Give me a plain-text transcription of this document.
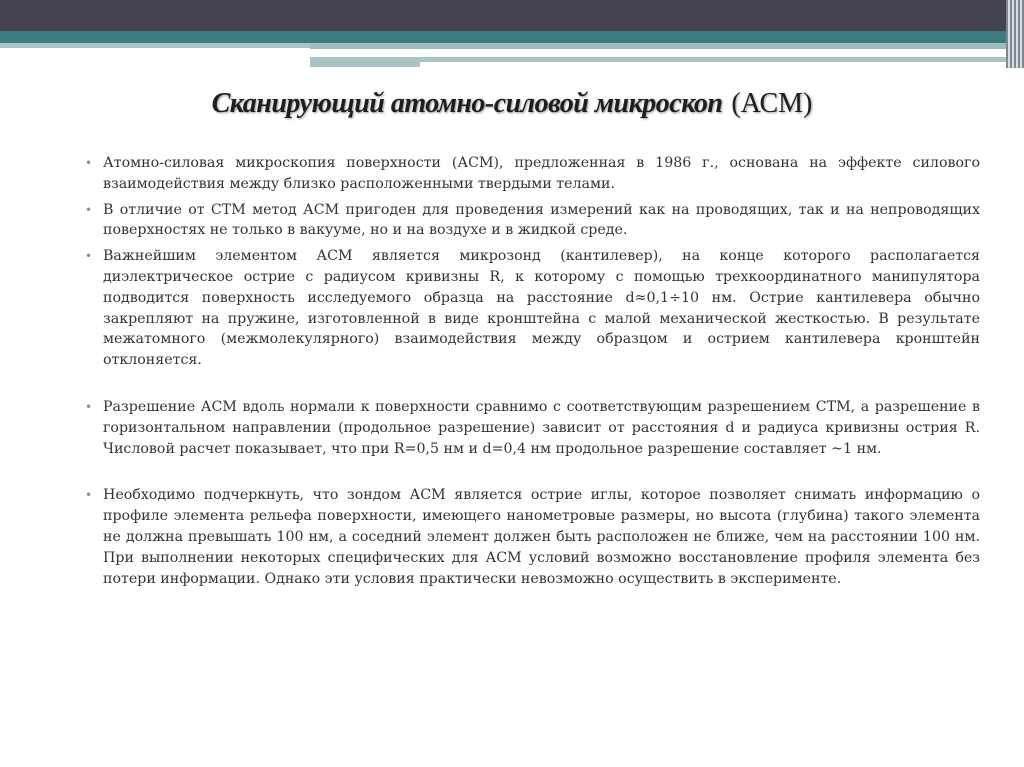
Сканирующий атомно-силовой микроскоп (АСМ)
• Атомно-силовая микроскопия поверхности (АСМ), предложенная в 1986 г., основана на эффекте силового взаимодействия между близко расположенными твердыми телами.
• В отличие от СТМ метод АСМ пригоден для проведения измерений как на проводящих, так и на непроводящих поверхностях не только в вакууме, но и на воздухе и в жидкой среде.
• Важнейшим элементом АСМ является микрозонд (кантилевер), на конце которого располагается диэлектрическое острие с радиусом кривизны R, к которому с помощью трехкоординатного манипулятора подводится поверхность исследуемого образца на расстояние d≈0,1÷10 нм. Острие кантилевера обычно закрепляют на пружине, изготовленной в виде кронштейна с малой механической жесткостью. В результате межатомного (межмолекулярного) взаимодействия между образцом и острием кантилевера кронштейн отклоняется.
• Разрешение АСМ вдоль нормали к поверхности сравнимо с соответствующим разрешением СТМ, а разрешение в горизонтальном направлении (продольное разрешение) зависит от расстояния d и радиуса кривизны острия R. Числовой расчет показывает, что при R=0,5 нм и d=0,4 нм продольное разрешение составляет ~1 нм.
• Необходимо подчеркнуть, что зондом АСМ является острие иглы, которое позволяет снимать информацию о профиле элемента рельефа поверхности, имеющего нанометровые размеры, но высота (глубина) такого элемента не должна превышать 100 нм, а соседний элемент должен быть расположен не ближе, чем на расстоянии 100 нм. При выполнении некоторых специфических для АСМ условий возможно восстановление профиля элемента без потери информации. Однако эти условия практически невозможно осуществить в эксперименте.
